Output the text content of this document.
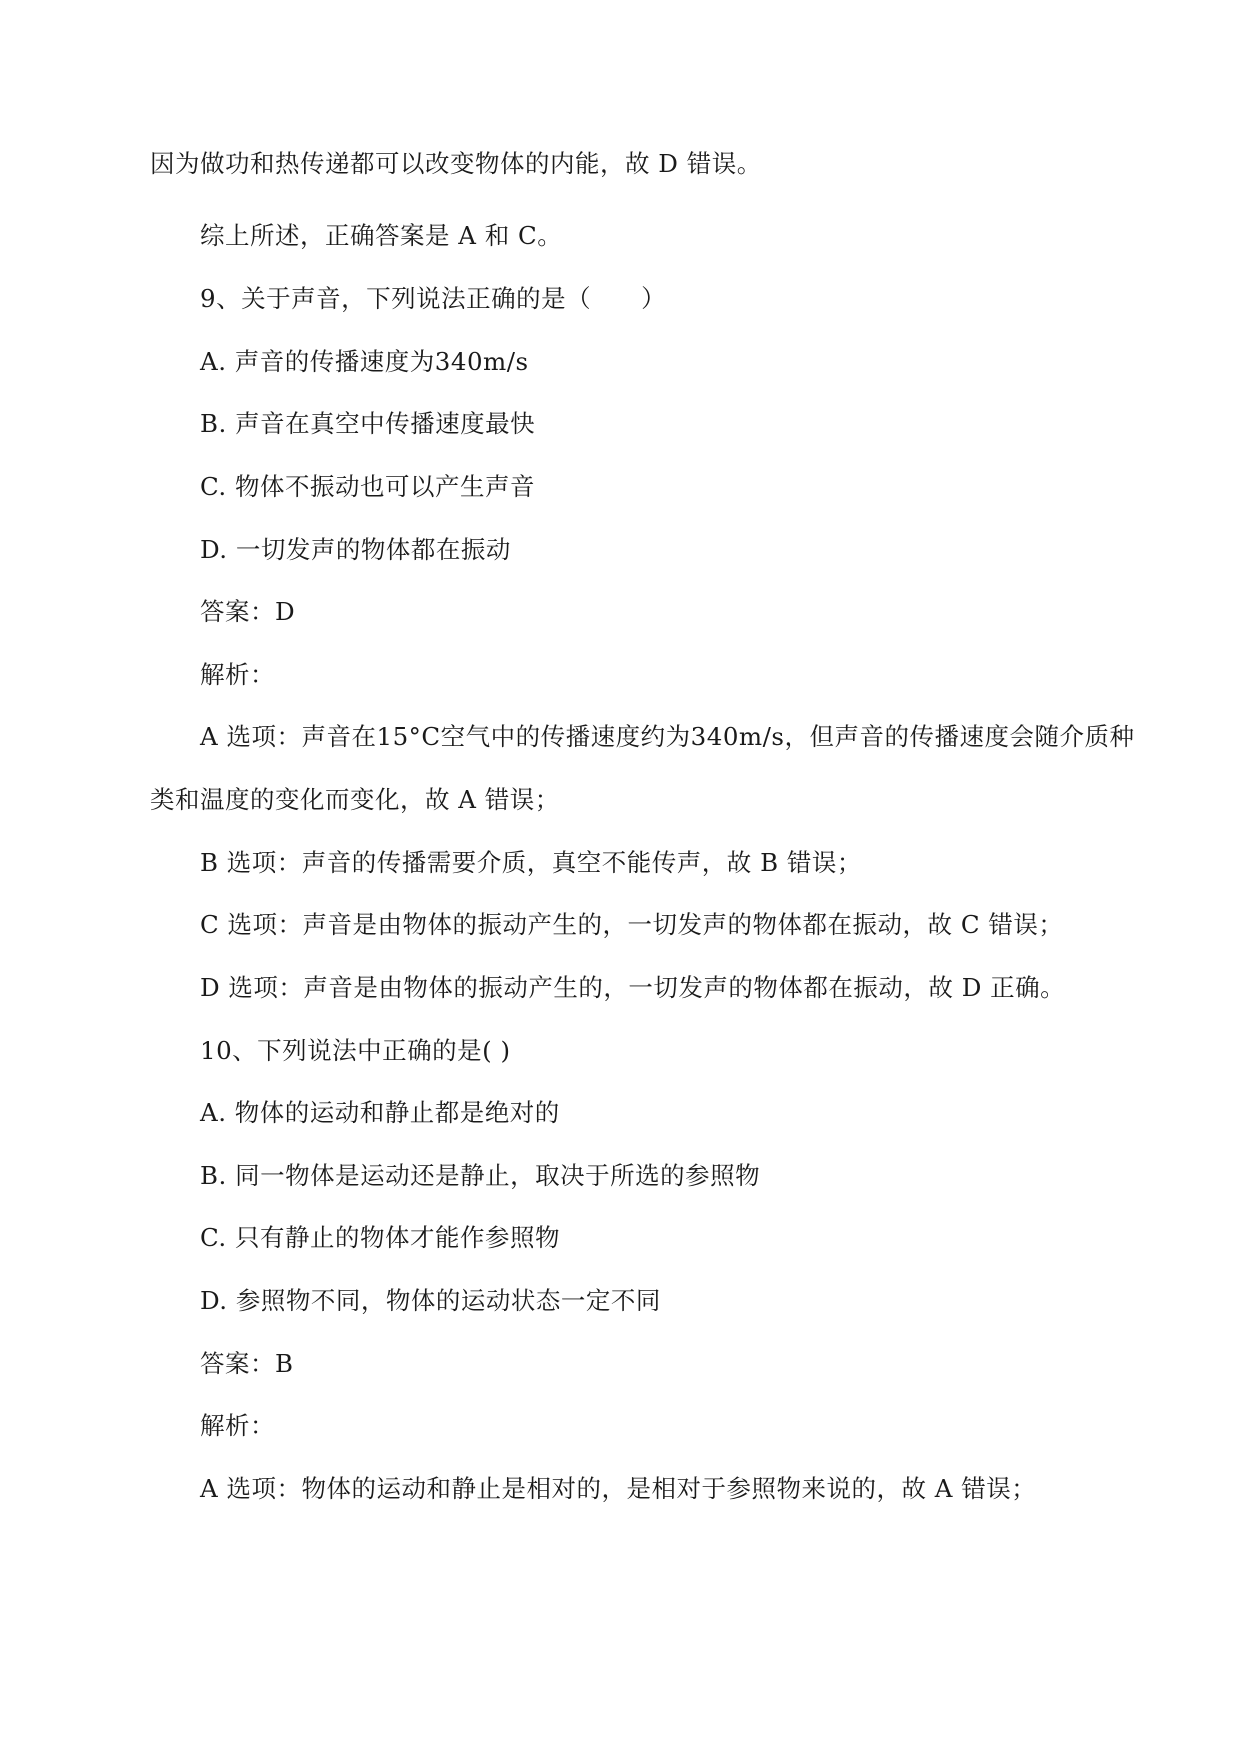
因为做功和热传递都可以改变物体的内能，故 D 错误。
综上所述，正确答案是 A 和 C。
9、关于声音，下列说法正确的是（　　）
A. 声音的传播速度为340m/s
B. 声音在真空中传播速度最快
C. 物体不振动也可以产生声音
D. 一切发声的物体都在振动
答案：D
解析：
A 选项：声音在15°C空气中的传播速度约为340m/s，但声音的传播速度会随介质种
类和温度的变化而变化，故 A 错误；
B 选项：声音的传播需要介质，真空不能传声，故 B 错误；
C 选项：声音是由物体的振动产生的，一切发声的物体都在振动，故 C 错误；
D 选项：声音是由物体的振动产生的，一切发声的物体都在振动，故 D 正确。
10、下列说法中正确的是( )
A. 物体的运动和静止都是绝对的
B. 同一物体是运动还是静止，取决于所选的参照物
C. 只有静止的物体才能作参照物
D. 参照物不同，物体的运动状态一定不同
答案：B
解析：
A 选项：物体的运动和静止是相对的，是相对于参照物来说的，故 A 错误；
